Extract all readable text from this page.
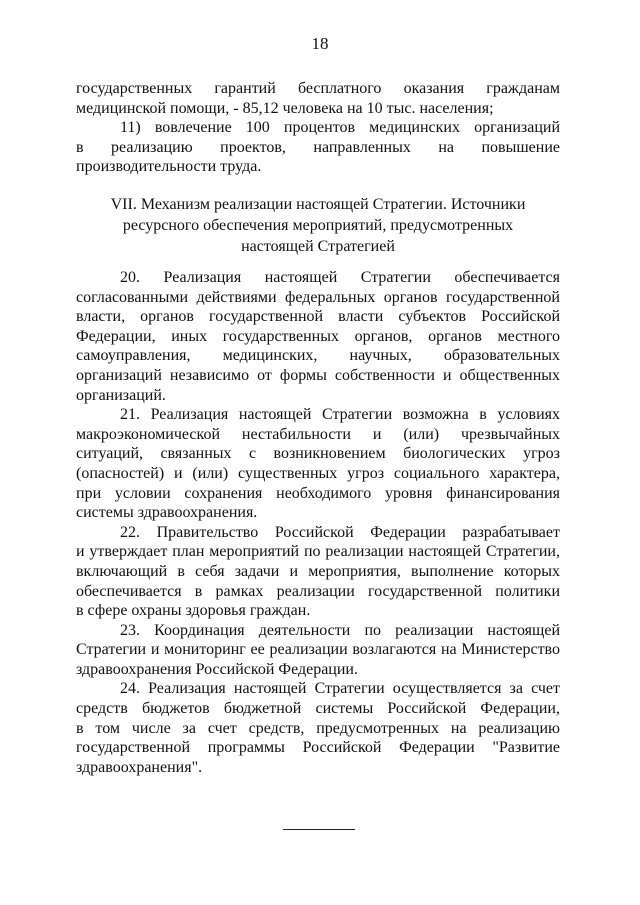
18
государственных гарантий бесплатного оказания гражданам
медицинской помощи, - 85,12 человека на 10 тыс. населения;
11) вовлечение 100 процентов медицинских организаций
в реализацию проектов, направленных на повышение
производительности труда.
VII. Механизм реализации настоящей Стратегии. Источники
ресурсного обеспечения мероприятий, предусмотренных
настоящей Стратегией
20. Реализация настоящей Стратегии обеспечивается
согласованными действиями федеральных органов государственной
власти, органов государственной власти субъектов Российской
Федерации, иных государственных органов, органов местного
самоуправления, медицинских, научных, образовательных
организаций независимо от формы собственности и общественных
организаций.
21. Реализация настоящей Стратегии возможна в условиях
макроэкономической нестабильности и (или) чрезвычайных
ситуаций, связанных с возникновением биологических угроз
(опасностей) и (или) существенных угроз социального характера,
при условии сохранения необходимого уровня финансирования
системы здравоохранения.
22. Правительство Российской Федерации разрабатывает
и утверждает план мероприятий по реализации настоящей Стратегии,
включающий в себя задачи и мероприятия, выполнение которых
обеспечивается в рамках реализации государственной политики
в сфере охраны здоровья граждан.
23. Координация деятельности по реализации настоящей
Стратегии и мониторинг ее реализации возлагаются на Министерство
здравоохранения Российской Федерации.
24. Реализация настоящей Стратегии осуществляется за счет
средств бюджетов бюджетной системы Российской Федерации,
в том числе за счет средств, предусмотренных на реализацию
государственной программы Российской Федерации "Развитие
здравоохранения".
